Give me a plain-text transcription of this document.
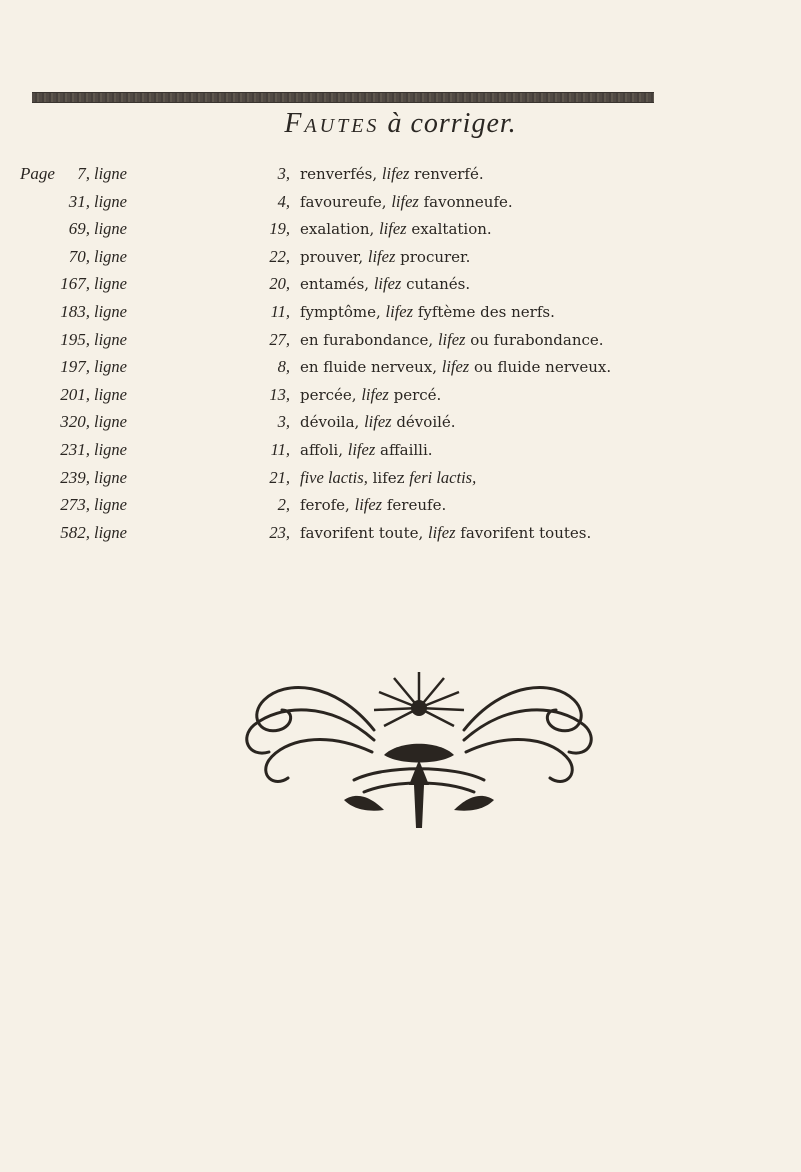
Fautes à corriger.
Page 7, ligne	3, renverfés, lifez renverfé.
31, ligne	4, favoureufe, lifez favonneufe.
69, ligne	19, exalation, lifez exaltation.
70, ligne	22, prouver, lifez procurer.
167, ligne	20, entamés, lifez cutanés.
183, ligne	11, fymptôme, lifez fyftème des nerfs.
195, ligne	27, en furabondance, lifez ou furabondance.
197, ligne	8, en fluide nerveux, lifez ou fluide nerveux.
201, ligne	13, percée, lifez percé.
320, ligne	3, dévoila, lifez dévoilé.
231, ligne	11, affoli, lifez affailli.
239, ligne	21, five lactis, lifez feri lactis,
273, ligne	2, ferofe, lifez fereufe.
582, ligne	23, favorifent toute, lifez favorifent toutes.
